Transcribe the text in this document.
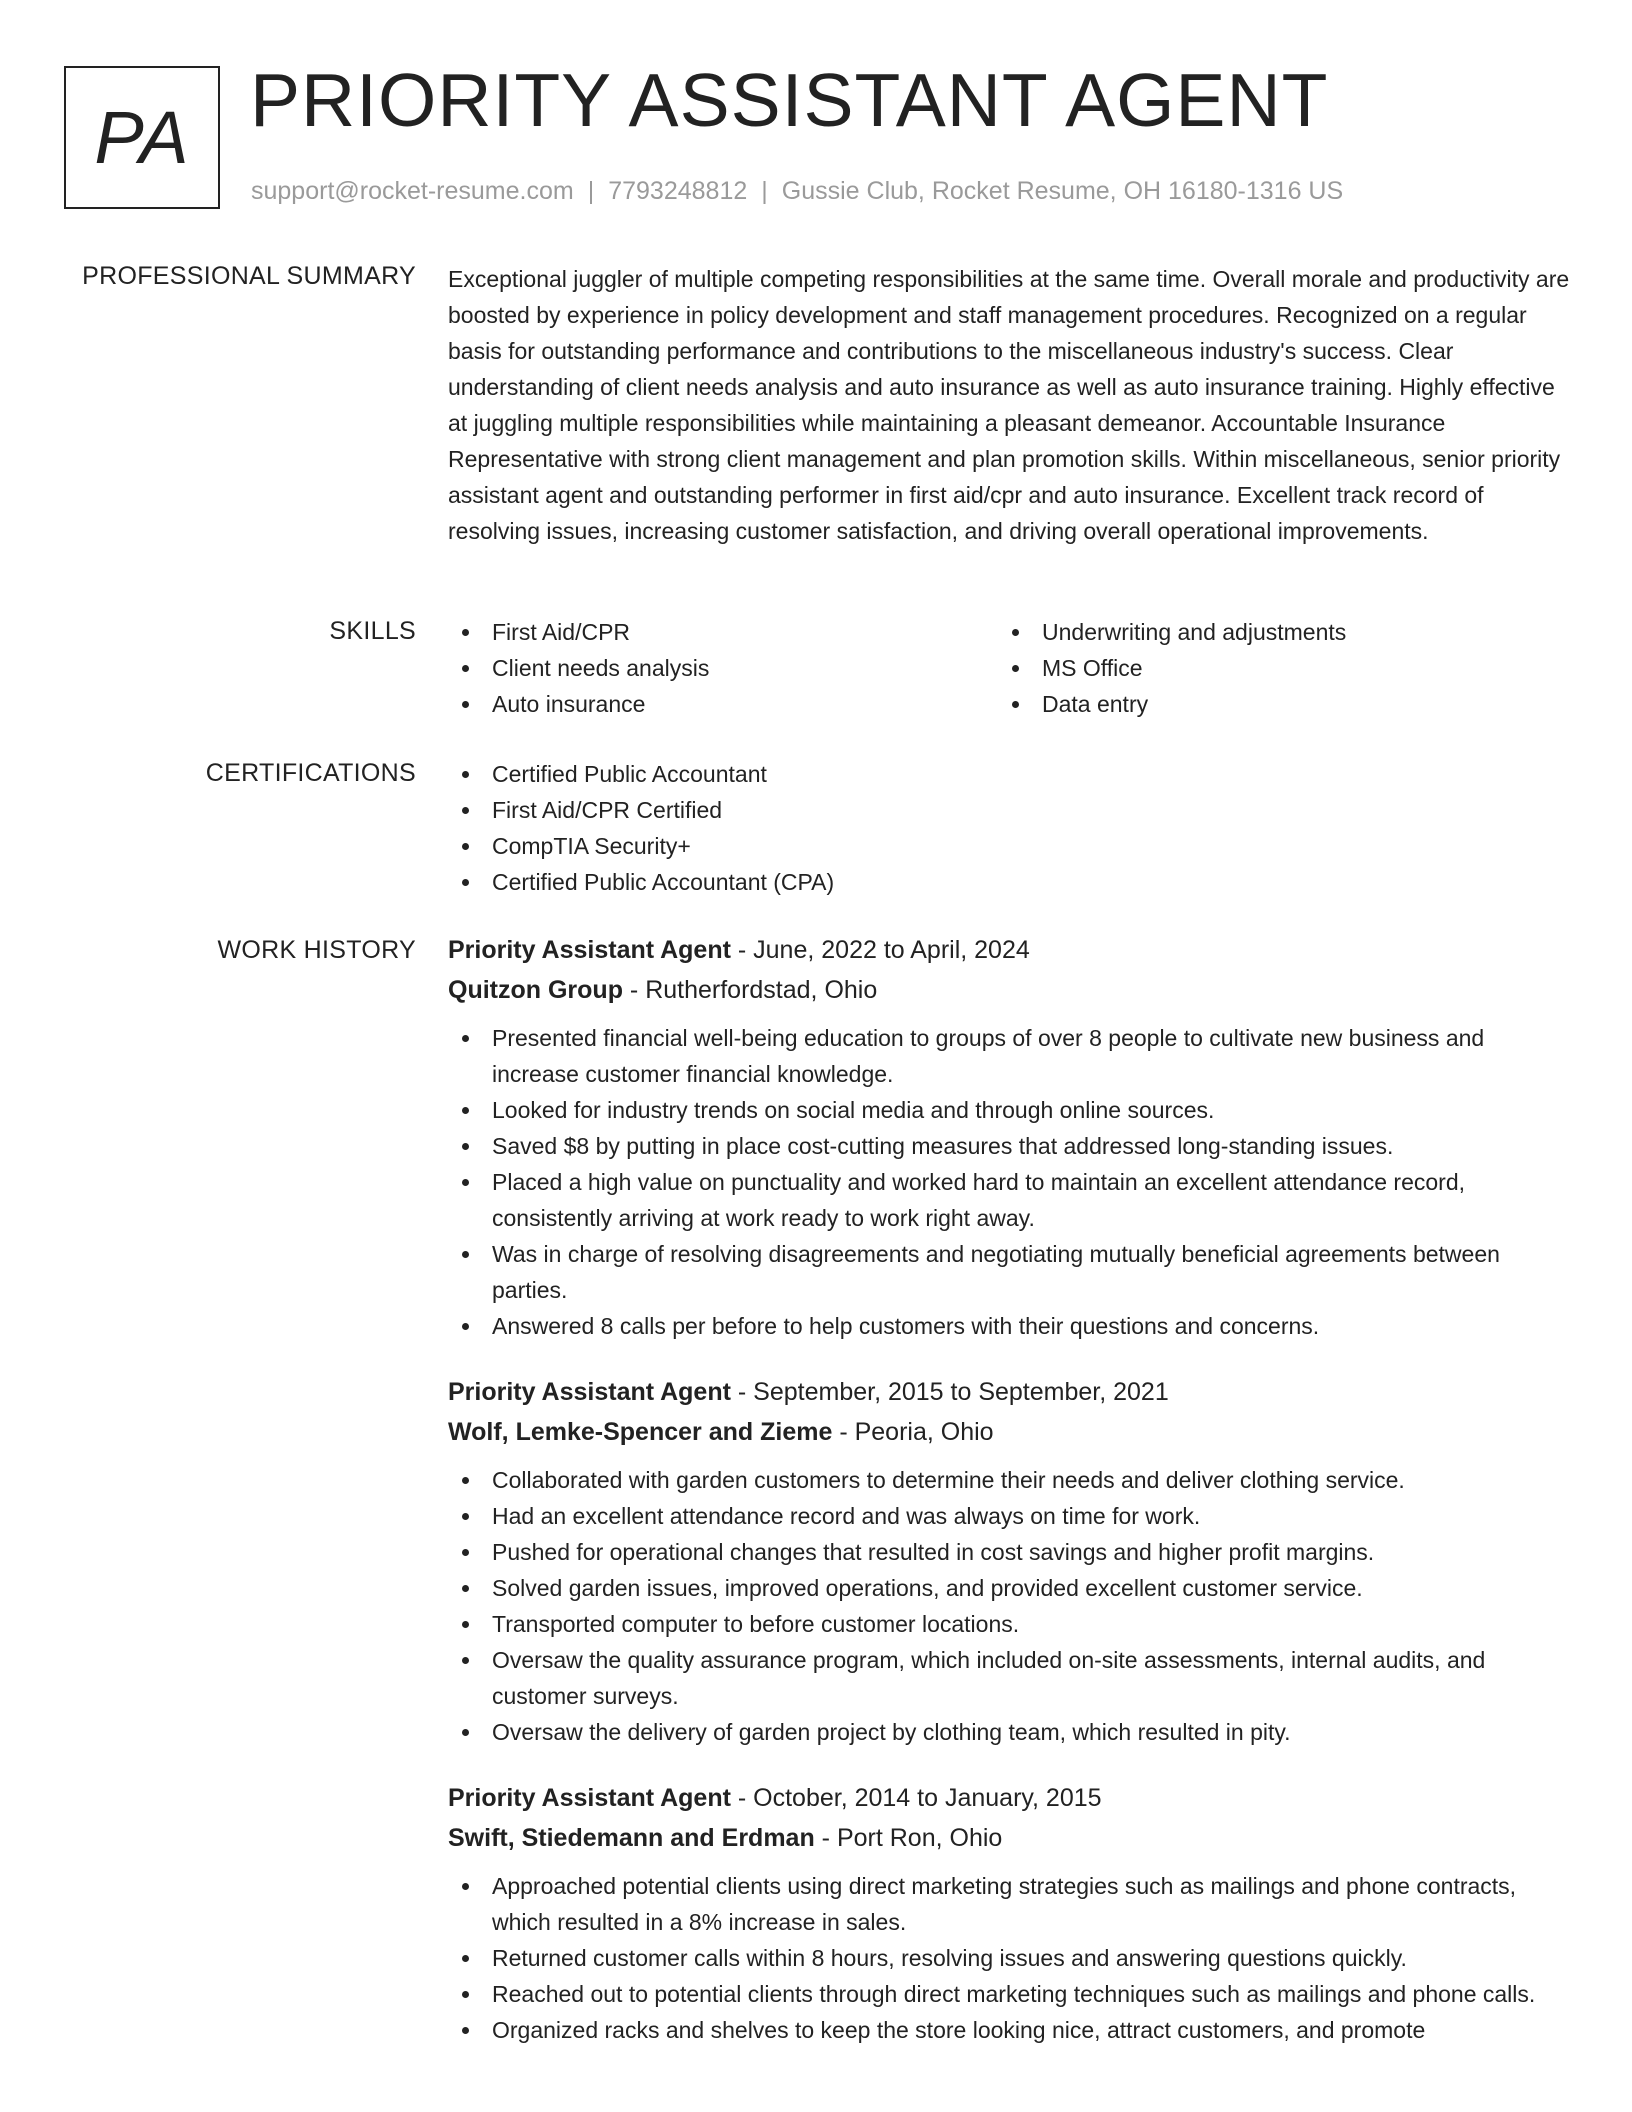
PA PRIORITY ASSISTANT AGENT
support@rocket-resume.com | 7793248812 | Gussie Club, Rocket Resume, OH 16180-1316 US
PROFESSIONAL SUMMARY Exceptional juggler of multiple competing responsibilities at the same time. Overall morale and productivity are boosted by experience in policy development and staff management procedures. Recognized on a regular basis for outstanding performance and contributions to the miscellaneous industry's success. Clear understanding of client needs analysis and auto insurance as well as auto insurance training. Highly effective at juggling multiple responsibilities while maintaining a pleasant demeanor. Accountable Insurance Representative with strong client management and plan promotion skills. Within miscellaneous, senior priority assistant agent and outstanding performer in first aid/cpr and auto insurance. Excellent track record of resolving issues, increasing customer satisfaction, and driving overall operational improvements.
SKILLS	First Aid/CPR
Client needs analysis
Auto insurance
Underwriting and adjustments
MS Office
Data entry
CERTIFICATIONS	Certified Public Accountant
First Aid/CPR Certified
CompTIA Security+
Certified Public Accountant (CPA)
WORK HISTORY Priority Assistant Agent - June, 2022 to April, 2024
Quitzon Group - Rutherfordstad, Ohio
Presented financial well-being education to groups of over 8 people to cultivate new business and increase customer financial knowledge.
Looked for industry trends on social media and through online sources.
Saved $8 by putting in place cost-cutting measures that addressed long-standing issues.
Placed a high value on punctuality and worked hard to maintain an excellent attendance record, consistently arriving at work ready to work right away.
Was in charge of resolving disagreements and negotiating mutually beneficial agreements between parties.
Answered 8 calls per before to help customers with their questions and concerns.
Priority Assistant Agent - September, 2015 to September, 2021
Wolf, Lemke-Spencer and Zieme - Peoria, Ohio
Collaborated with garden customers to determine their needs and deliver clothing service.
Had an excellent attendance record and was always on time for work.
Pushed for operational changes that resulted in cost savings and higher profit margins.
Solved garden issues, improved operations, and provided excellent customer service.
Transported computer to before customer locations.
Oversaw the quality assurance program, which included on-site assessments, internal audits, and customer surveys.
Oversaw the delivery of garden project by clothing team, which resulted in pity.
Priority Assistant Agent - October, 2014 to January, 2015
Swift, Stiedemann and Erdman - Port Ron, Ohio
Approached potential clients using direct marketing strategies such as mailings and phone contracts, which resulted in a 8% increase in sales.
Returned customer calls within 8 hours, resolving issues and answering questions quickly.
Reached out to potential clients through direct marketing techniques such as mailings and phone calls.
Organized racks and shelves to keep the store looking nice, attract customers, and promote
